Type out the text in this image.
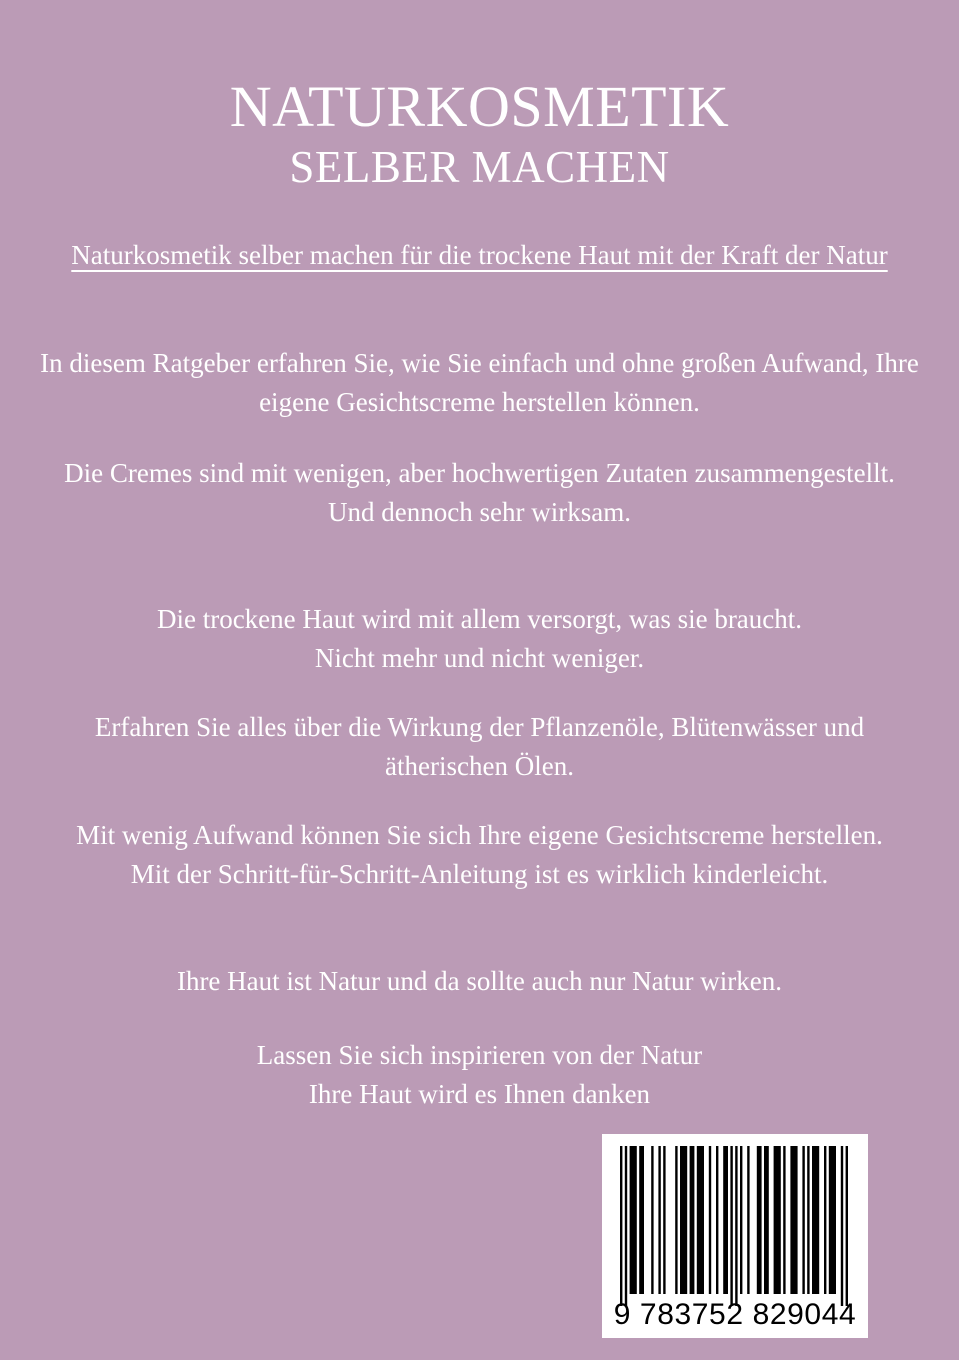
NATURKOSMETIK
SELBER MACHEN

Naturkosmetik selber machen für die trockene Haut mit der Kraft der Natur

In diesem Ratgeber erfahren Sie, wie Sie einfach und ohne großen Aufwand, Ihre eigene Gesichtscreme herstellen können.

Die Cremes sind mit wenigen, aber hochwertigen Zutaten zusammengestellt.
Und dennoch sehr wirksam.

Die trockene Haut wird mit allem versorgt, was sie braucht.
Nicht mehr und nicht weniger.

Erfahren Sie alles über die Wirkung der Pflanzenöle, Blütenwässer und ätherischen Ölen.

Mit wenig Aufwand können Sie sich Ihre eigene Gesichtscreme herstellen.
Mit der Schritt-für-Schritt-Anleitung ist es wirklich kinderleicht.

Ihre Haut ist Natur und da sollte auch nur Natur wirken.

Lassen Sie sich inspirieren von der Natur
Ihre Haut wird es Ihnen danken

9 783752 829044
